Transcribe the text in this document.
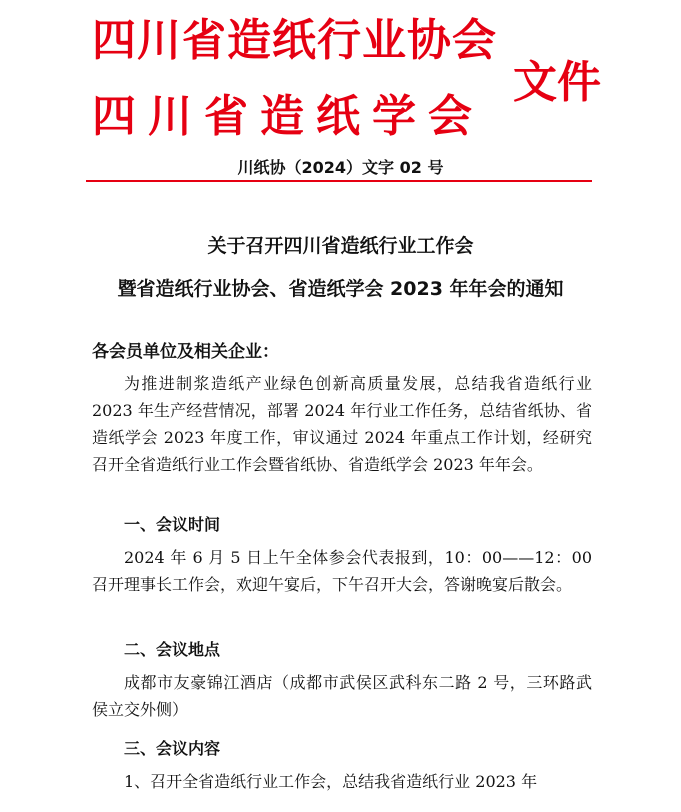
四川省造纸行业协会
四川省造纸学会
文件
川纸协（2024）文字 02 号
关于召开四川省造纸行业工作会
暨省造纸行业协会、省造纸学会 2023 年年会的通知
各会员单位及相关企业：
为推进制浆造纸产业绿色创新高质量发展，总结我省造纸行业 2023 年生产经营情况，部署 2024 年行业工作任务，总结省纸协、省造纸学会 2023 年度工作，审议通过 2024 年重点工作计划，经研究召开全省造纸行业工作会暨省纸协、省造纸学会 2023 年年会。
一、会议时间
2024 年 6 月 5 日上午全体参会代表报到，10：00——12：00 召开理事长工作会，欢迎午宴后，下午召开大会，答谢晚宴后散会。
二、会议地点
成都市友豪锦江酒店（成都市武侯区武科东二路 2 号，三环路武侯立交外侧）
三、会议内容
1、召开全省造纸行业工作会，总结我省造纸行业 2023 年
